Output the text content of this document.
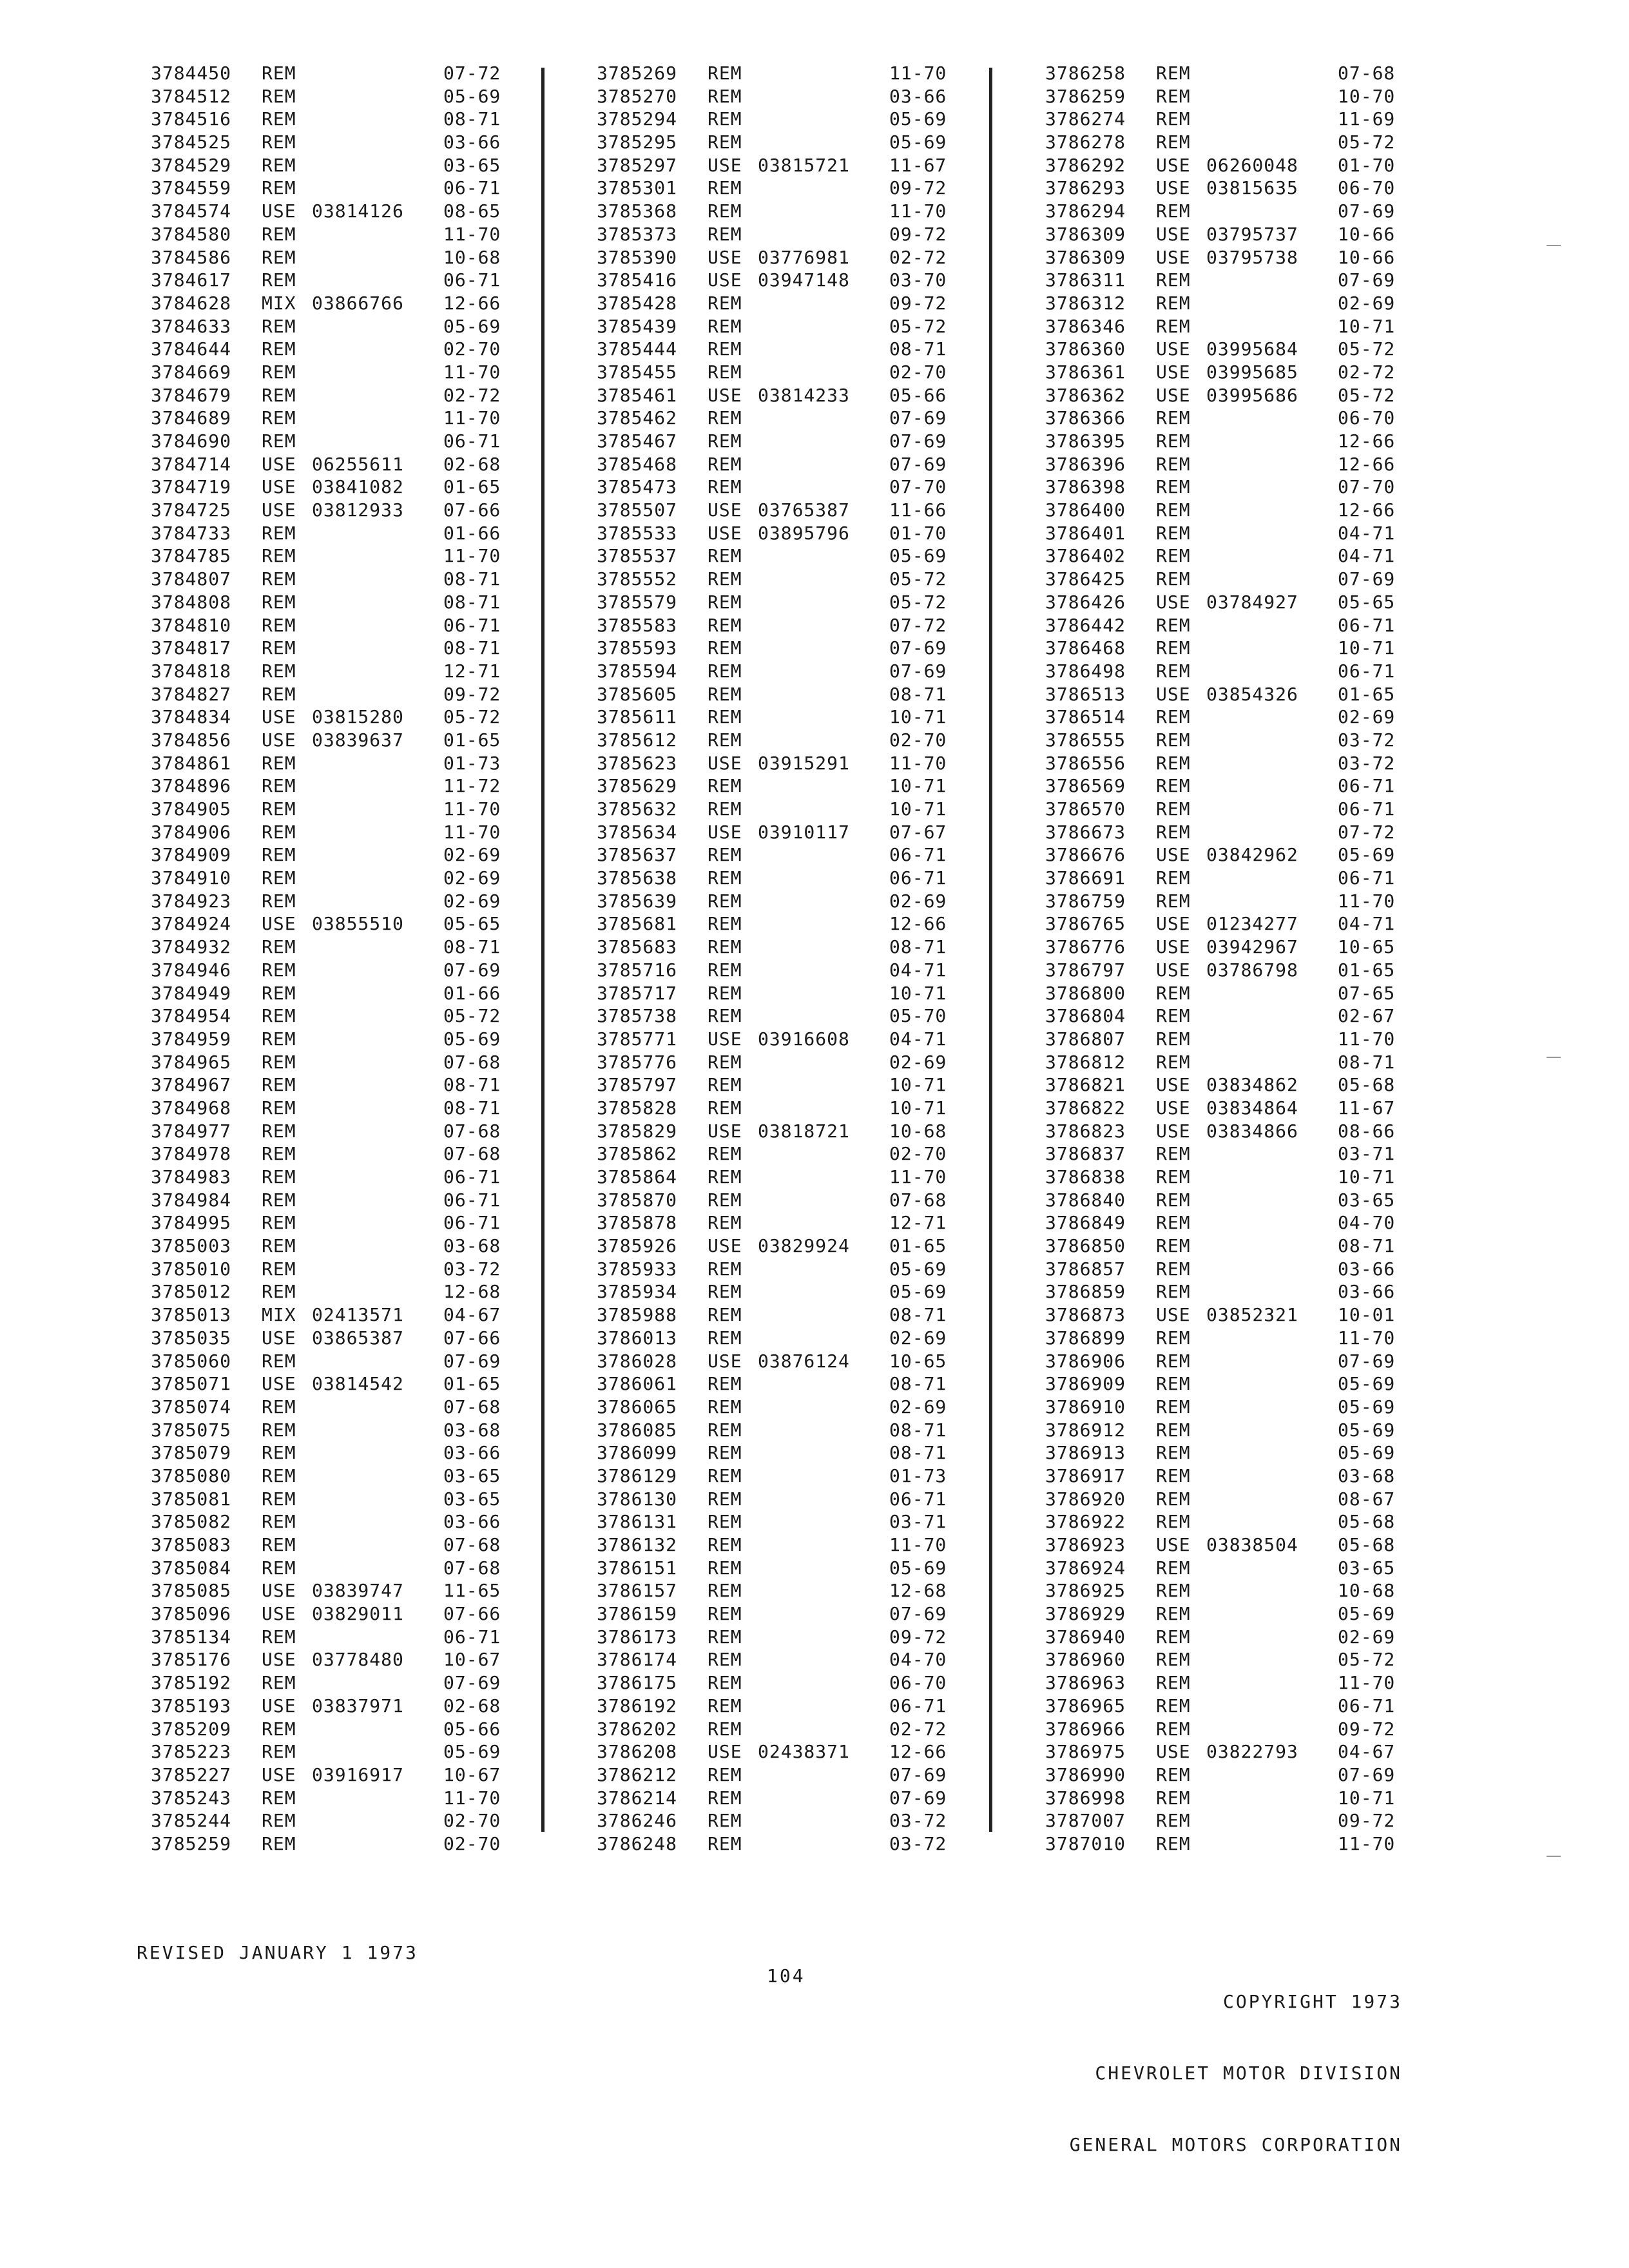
3784450 REM	07-72
3784512 REM	05-69
3784516 REM	08-71
3784525 REM	03-66
3784529 REM	03-65
3784559 REM	06-71
3784574 USE 03814126 08-65
3784580 REM	11-70
3784586 REM	10-68
3784617 REM	06-71
3784628 MIX 03866766 12-66
3784633 REM	05-69
3784644 REM	02-70
3784669 REM	11-70
3784679 REM	02-72
3784689 REM	11-70
3784690 REM	06-71
3784714 USE 06255611 02-68
3784719 USE 03841082 01-65
3784725 USE 03812933 07-66
3784733 REM	01-66
3784785 REM	11-70
3784807 REM	08-71
3784808 REM	08-71
3784810 REM	06-71
3784817 REM	08-71
3784818 REM	12-71
3784827 REM	09-72
3784834 USE 03815280 05-72
3784856 USE 03839637 01-65
3784861 REM	01-73
3784896 REM	11-72
3784905 REM	11-70
3784906 REM	11-70
3784909 REM	02-69
3784910 REM	02-69
3784923 REM	02-69
3784924 USE 03855510 05-65
3784932 REM	08-71
3784946 REM	07-69
3784949 REM	01-66
3784954 REM	05-72
3784959 REM	05-69
3784965 REM	07-68
3784967 REM	08-71
3784968 REM	08-71
3784977 REM	07-68
3784978 REM	07-68
3784983 REM	06-71
3784984 REM	06-71
3784995 REM	06-71
3785003 REM	03-68
3785010 REM	03-72
3785012 REM	12-68
3785013 MIX 02413571 04-67
3785035 USE 03865387 07-66
3785060 REM	07-69
3785071 USE 03814542 01-65
3785074 REM	07-68
3785075 REM	03-68
3785079 REM	03-66
3785080 REM	03-65
3785081 REM	03-65
3785082 REM	03-66
3785083 REM	07-68
3785084 REM	07-68
3785085 USE 03839747 11-65
3785096 USE 03829011 07-66
3785134 REM	06-71
3785176 USE 03778480 10-67
3785192 REM	07-69
3785193 USE 03837971 02-68
3785209 REM	05-66
3785223 REM	05-69
3785227 USE 03916917 10-67
3785243 REM	11-70
3785244 REM	02-70
3785259 REM	02-70
3785269 REM	11-70
3785270 REM	03-66
3785294 REM	05-69
3785295 REM	05-69
3785297 USE 03815721 11-67
3785301 REM	09-72
3785368 REM	11-70
3785373 REM	09-72
3785390 USE 03776981 02-72
3785416 USE 03947148 03-70
3785428 REM	09-72
3785439 REM	05-72
3785444 REM	08-71
3785455 REM	02-70
3785461 USE 03814233 05-66
3785462 REM	07-69
3785467 REM	07-69
3785468 REM	07-69
3785473 REM	07-70
3785507 USE 03765387 11-66
3785533 USE 03895796 01-70
3785537 REM	05-69
3785552 REM	05-72
3785579 REM	05-72
3785583 REM	07-72
3785593 REM	07-69
3785594 REM	07-69
3785605 REM	08-71
3785611 REM	10-71
3785612 REM	02-70
3785623 USE 03915291 11-70
3785629 REM	10-71
3785632 REM	10-71
3785634 USE 03910117 07-67
3785637 REM	06-71
3785638 REM	06-71
3785639 REM	02-69
3785681 REM	12-66
3785683 REM	08-71
3785716 REM	04-71
3785717 REM	10-71
3785738 REM	05-70
3785771 USE 03916608 04-71
3785776 REM	02-69
3785797 REM	10-71
3785828 REM	10-71
3785829 USE 03818721 10-68
3785862 REM	02-70
3785864 REM	11-70
3785870 REM	07-68
3785878 REM	12-71
3785926 USE 03829924 01-65
3785933 REM	05-69
3785934 REM	05-69
3785988 REM	08-71
3786013 REM	02-69
3786028 USE 03876124 10-65
3786061 REM	08-71
3786065 REM	02-69
3786085 REM	08-71
3786099 REM	08-71
3786129 REM	01-73
3786130 REM	06-71
3786131 REM	03-71
3786132 REM	11-70
3786151 REM	05-69
3786157 REM	12-68
3786159 REM	07-69
3786173 REM	09-72
3786174 REM	04-70
3786175 REM	06-70
3786192 REM	06-71
3786202 REM	02-72
3786208 USE 02438371 12-66
3786212 REM	07-69
3786214 REM	07-69
3786246 REM	03-72
3786248 REM	03-72
3786258 REM	07-68
3786259 REM	10-70
3786274 REM	11-69
3786278 REM	05-72
3786292 USE 06260048 01-70
3786293 USE 03815635 06-70
3786294 REM	07-69
3786309 USE 03795737 10-66
3786309 USE 03795738 10-66
3786311 REM	07-69
3786312 REM	02-69
3786346 REM	10-71
3786360 USE 03995684 05-72
3786361 USE 03995685 02-72
3786362 USE 03995686 05-72
3786366 REM	06-70
3786395 REM	12-66
3786396 REM	12-66
3786398 REM	07-70
3786400 REM	12-66
3786401 REM	04-71
3786402 REM	04-71
3786425 REM	07-69
3786426 USE 03784927 05-65
3786442 REM	06-71
3786468 REM	10-71
3786498 REM	06-71
3786513 USE 03854326 01-65
3786514 REM	02-69
3786555 REM	03-72
3786556 REM	03-72
3786569 REM	06-71
3786570 REM	06-71
3786673 REM	07-72
3786676 USE 03842962 05-69
3786691 REM	06-71
3786759 REM	11-70
3786765 USE 01234277 04-71
3786776 USE 03942967 10-65
3786797 USE 03786798 01-65
3786800 REM	07-65
3786804 REM	02-67
3786807 REM	11-70
3786812 REM	08-71
3786821 USE 03834862 05-68
3786822 USE 03834864 11-67
3786823 USE 03834866 08-66
3786837 REM	03-71
3786838 REM	10-71
3786840 REM	03-65
3786849 REM	04-70
3786850 REM	08-71
3786857 REM	03-66
3786859 REM	03-66
3786873 USE 03852321 10-01
3786899 REM	11-70
3786906 REM	07-69
3786909 REM	05-69
3786910 REM	05-69
3786912 REM	05-69
3786913 REM	05-69
3786917 REM	03-68
3786920 REM	08-67
3786922 REM	05-68
3786923 USE 03838504 05-68
3786924 REM	03-65
3786925 REM	10-68
3786929 REM	05-69
3786940 REM	02-69
3786960 REM	05-72
3786963 REM	11-70
3786965 REM	06-71
3786966 REM	09-72
3786975 USE 03822793 04-67
3786990 REM	07-69
3786998 REM	10-71
3787007 REM	09-72
3787010 REM	11-70
REVISED JANUARY 1 1973
104

COPYRIGHT 1973

CHEVROLET MOTOR DIVISION

GENERAL MOTORS CORPORATION
